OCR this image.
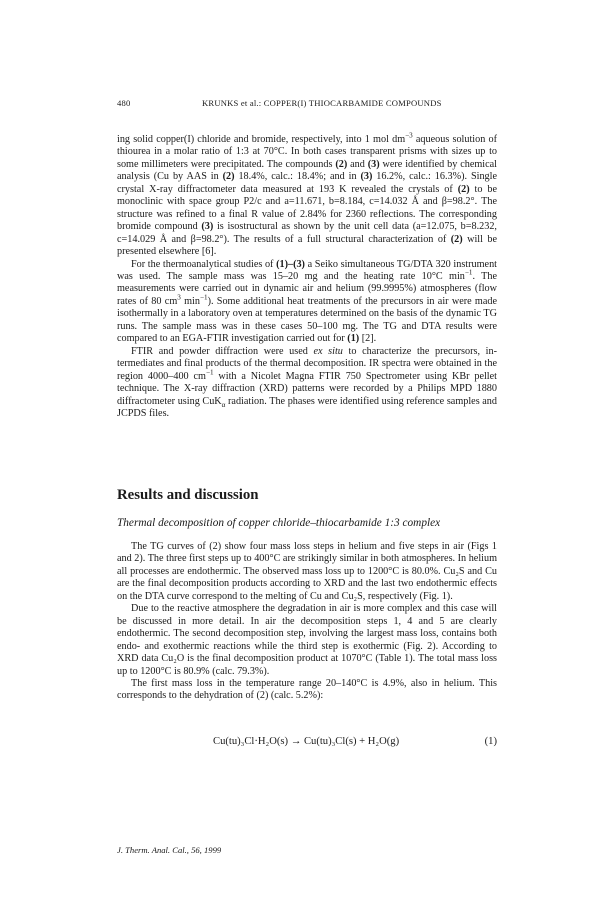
480	KRUNKS et al.: COPPER(I) THIOCARBAMIDE COMPOUNDS

ing solid copper(I) chloride and bromide, respectively, into 1 mol $dm^{-3}$ aqueous solution of thiourea in a molar ratio of 1:3 at 70°C. In both cases transparent prisms with sizes up to some millimeters were precipitated. The compounds (2) and (3) were identified by chemical analysis (Cu by AAS in (2) 18.4%, calc.: 18.4%; and in (3) 16.2%, calc.: 16.3%). Single crystal X-ray diffractometer data measured at 193 K revealed the crystals of (2) to be monoclinic with space group P2/c and a=11.671, b=8.184, c=14.032 Å and β=98.2°. The structure was refined to a final R value of 2.84% for 2360 reflections. The corresponding bromide compound (3) is isostructural as shown by the unit cell data (a=12.075, b=8.232, c=14.029 Å and β=98.2°). The results of a full structural characterization of (2) will be presented elsewhere [6].

For the thermoanalytical studies of (1)–(3) a Seiko simultaneous TG/DTA 320 instrument was used. The sample mass was 15–20 mg and the heating rate 10°C $\min^{-1}$. The measurements were carried out in dynamic air and helium (99.9995%) atmospheres (flow rates of 80 $cm^3$ $\min^{-1}$). Some additional heat treatments of the precursors in air were made isothermally in a laboratory oven at temperatures determined on the basis of the dynamic TG runs. The sample mass was in these cases 50–100 mg. The TG and DTA results were compared to an EGA-FTIR investigation carried out for (1) [2].

FTIR and powder diffraction were used ex situ to characterize the precursors, intermediates and final products of the thermal decomposition. IR spectra were obtained in the region 4000–400 $cm^{-1}$ with a Nicolet Magna FTIR 750 Spectrometer using KBr pellet technique. The X-ray diffraction (XRD) patterns were recorded by a Philips MPD 1880 diffractometer using CuK$_\alpha$ radiation. The phases were identified using reference samples and JCPDS files.

Results and discussion
Thermal decomposition of copper chloride–thiocarbamide 1:3 complex

The TG curves of (2) show four mass loss steps in helium and five steps in air (Figs 1 and 2). The three first steps up to 400°C are strikingly similar in both atmospheres. In helium all processes are endothermic. The observed mass loss up to 1200°C is 80.0%. Cu₂S and Cu are the final decomposition products according to XRD and the last two endothermic effects on the DTA curve correspond to the melting of Cu and Cu₂S, respectively (Fig. 1).

Due to the reactive atmosphere the degradation in air is more complex and this case will be discussed in more detail. In air the decomposition steps 1, 4 and 5 are clearly endothermic. The second decomposition step, involving the largest mass loss, contains both endo- and exothermic reactions while the third step is exothermic (Fig. 2). According to XRD data Cu₂O is the final decomposition product at 1070°C (Table 1). The total mass loss up to 1200°C is 80.9% (calc. 79.3%).

The first mass loss in the temperature range 20–140°C is 4.9%, also in helium. This corresponds to the dehydration of (2) (calc. 5.2%):

Cu(tu)₃Cl·H₂O(s) → Cu(tu)₃Cl(s) + H₂O(g)	(1)
J. Therm. Anal. Cal., 56, 1999
